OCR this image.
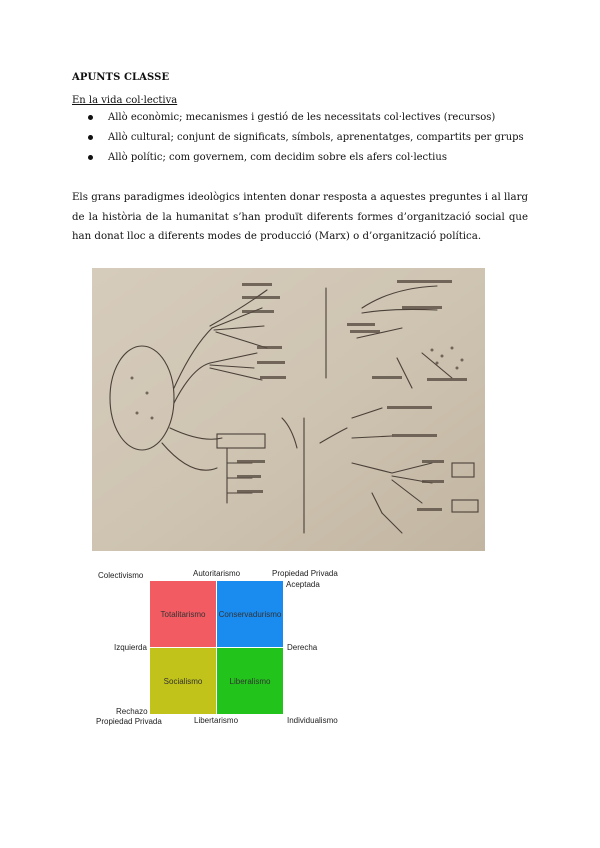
APUNTS CLASSE
En la vida col·lectiva
Allò econòmic; mecanismes i gestió de les necessitats col·lectives (recursos)
Allò cultural; conjunt de significats, símbols, aprenentatges, compartits per grups
Allò polític; com governem, com decidim sobre els afers col·lectius
Els grans paradigmes ideològics intenten donar resposta a aquestes preguntes i al llarg de la història de la humanitat s’han produït diferents formes d’organització social que han donat lloc a diferents modes de producció (Marx) o d’organització política.
Totalitarismo Conservadurismo
Socialismo	Liberalismo
Colectivismo	Autoritarismo	Propiedad Privada
Aceptada
Izquierda	Derecha
Rechazo
Propiedad Privada	Libertarismo	Individualismo
